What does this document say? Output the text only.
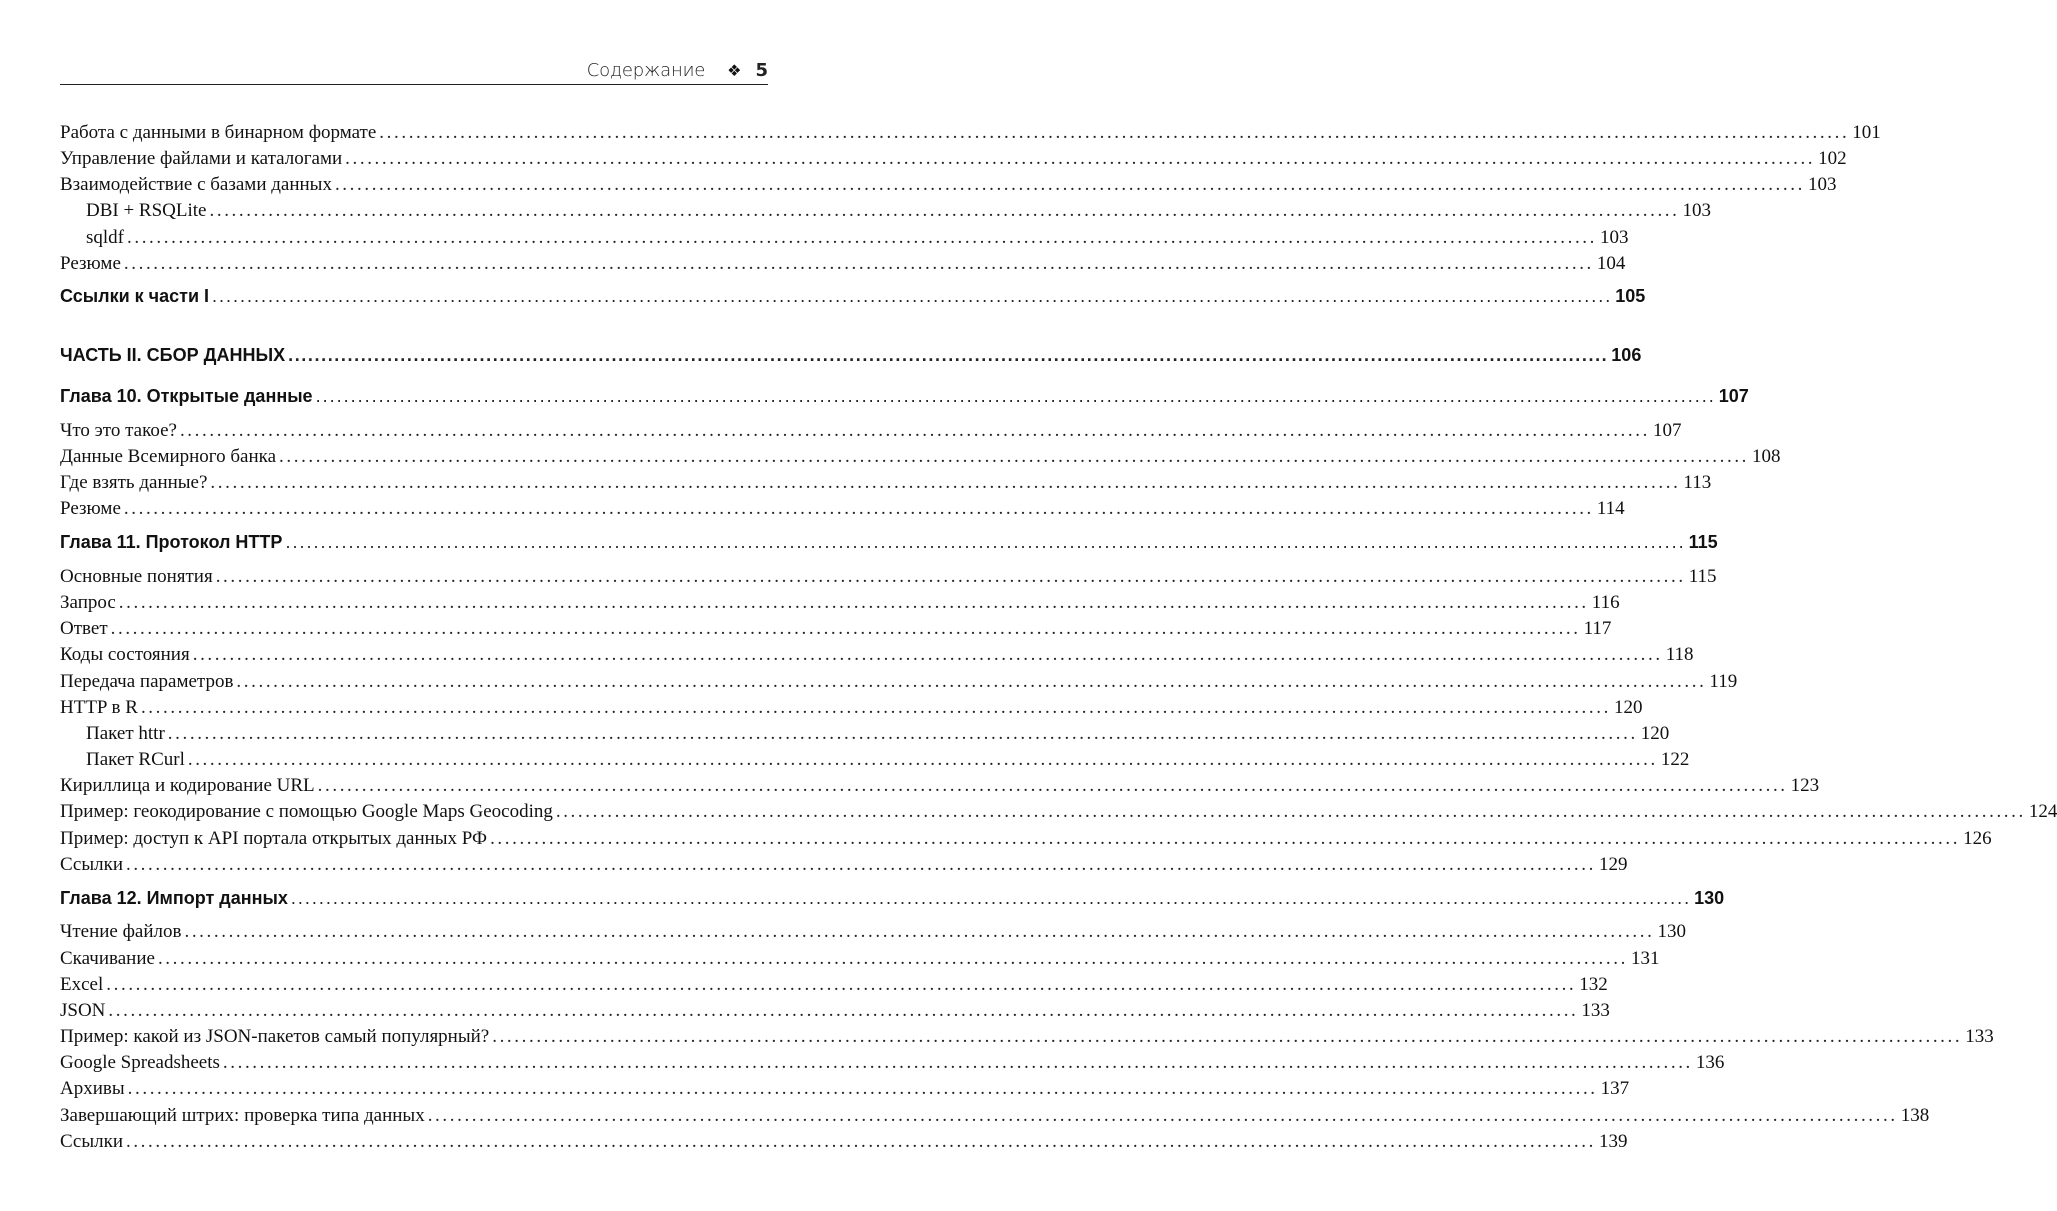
Содержание ❖ 5
Работа с данными в бинарном формате ........................................................................................................................................................................................................ 101
Управление файлами и каталогами ........................................................................................................................................................................................................ 102
Взаимодействие с базами данных ........................................................................................................................................................................................................ 103
DBI + RSQLite ........................................................................................................................................................................................................ 103
sqldf ........................................................................................................................................................................................................ 103
Резюме ........................................................................................................................................................................................................ 104
Ссылки к части I ........................................................................................................................................................................................................ 105
ЧАСТЬ II. СБОР ДАННЫХ ........................................................................................................................................................................................................ 106
Глава 10. Открытые данные ........................................................................................................................................................................................................ 107
Что это такое? ........................................................................................................................................................................................................ 107
Данные Всемирного банка ........................................................................................................................................................................................................ 108
Где взять данные? ........................................................................................................................................................................................................ 113
Резюме ........................................................................................................................................................................................................ 114
Глава 11. Протокол HTTP ........................................................................................................................................................................................................ 115
Основные понятия ........................................................................................................................................................................................................ 115
Запрос ........................................................................................................................................................................................................ 116
Ответ ........................................................................................................................................................................................................ 117
Коды состояния ........................................................................................................................................................................................................ 118
Передача параметров ........................................................................................................................................................................................................ 119
HTTP в R ........................................................................................................................................................................................................ 120
Пакет httr ........................................................................................................................................................................................................ 120
Пакет RCurl ........................................................................................................................................................................................................ 122
Кириллица и кодирование URL ........................................................................................................................................................................................................ 123
Пример: геокодирование с помощью Google Maps Geocoding ........................................................................................................................................................................................................ 124
Пример: доступ к API портала открытых данных РФ ........................................................................................................................................................................................................ 126
Ссылки ........................................................................................................................................................................................................ 129
Глава 12. Импорт данных ........................................................................................................................................................................................................ 130
Чтение файлов ........................................................................................................................................................................................................ 130
Скачивание ........................................................................................................................................................................................................ 131
Excel ........................................................................................................................................................................................................ 132
JSON ........................................................................................................................................................................................................ 133
Пример: какой из JSON-пакетов самый популярный? ........................................................................................................................................................................................................ 133
Google Spreadsheets ........................................................................................................................................................................................................ 136
Архивы ........................................................................................................................................................................................................ 137
Завершающий штрих: проверка типа данных ........................................................................................................................................................................................................ 138
Ссылки ........................................................................................................................................................................................................ 139
